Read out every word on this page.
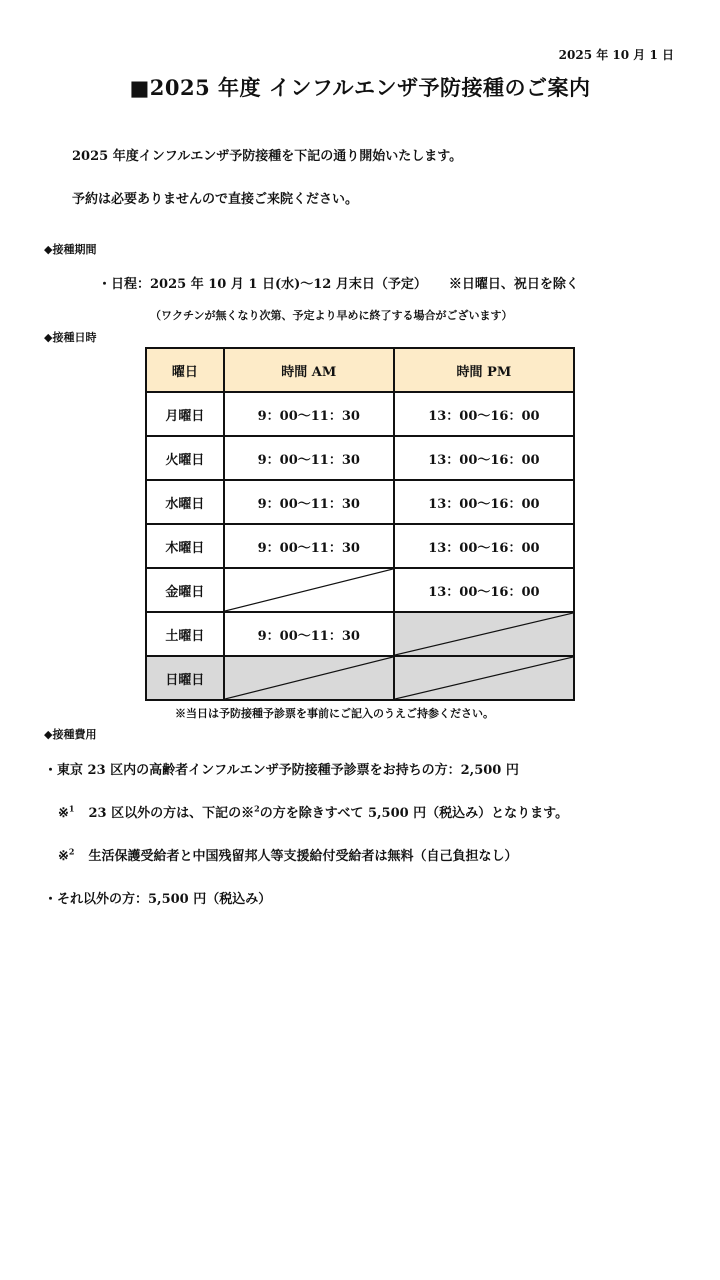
2025 年 10 月 1 日
■2025 年度 インフルエンザ予防接種のご案内
2025 年度インフルエンザ予防接種を下記の通り開始いたします。
予約は必要ありませんので直接ご来院ください。
◆接種期間
・日程：2025 年 10 月 1 日(水)～12 月末日（予定） ※日曜日、祝日を除く
（ワクチンが無くなり次第、予定より早めに終了する場合がございます）
◆接種日時
曜日	時間 AM	時間 PM
月曜日	9：00～11：30	13：00～16：00
火曜日	9：00～11：30	13：00～16：00
水曜日	9：00～11：30	13：00～16：00
木曜日	9：00～11：30	13：00～16：00
金曜日		13：00～16：00
土曜日	9：00～11：30	

日曜日	

※当日は予防接種予診票を事前にご記入のうえご持参ください。
◆接種費用
・東京 23 区内の高齢者インフルエンザ予防接種予診票をお持ちの方：2,500 円
※$^1$ 23 区以外の方は、下記の※$^2$の方を除きすべて 5,500 円（税込み）となります。
※$^2$ 生活保護受給者と中国残留邦人等支援給付受給者は無料（自己負担なし）
・それ以外の方：5,500 円（税込み）
